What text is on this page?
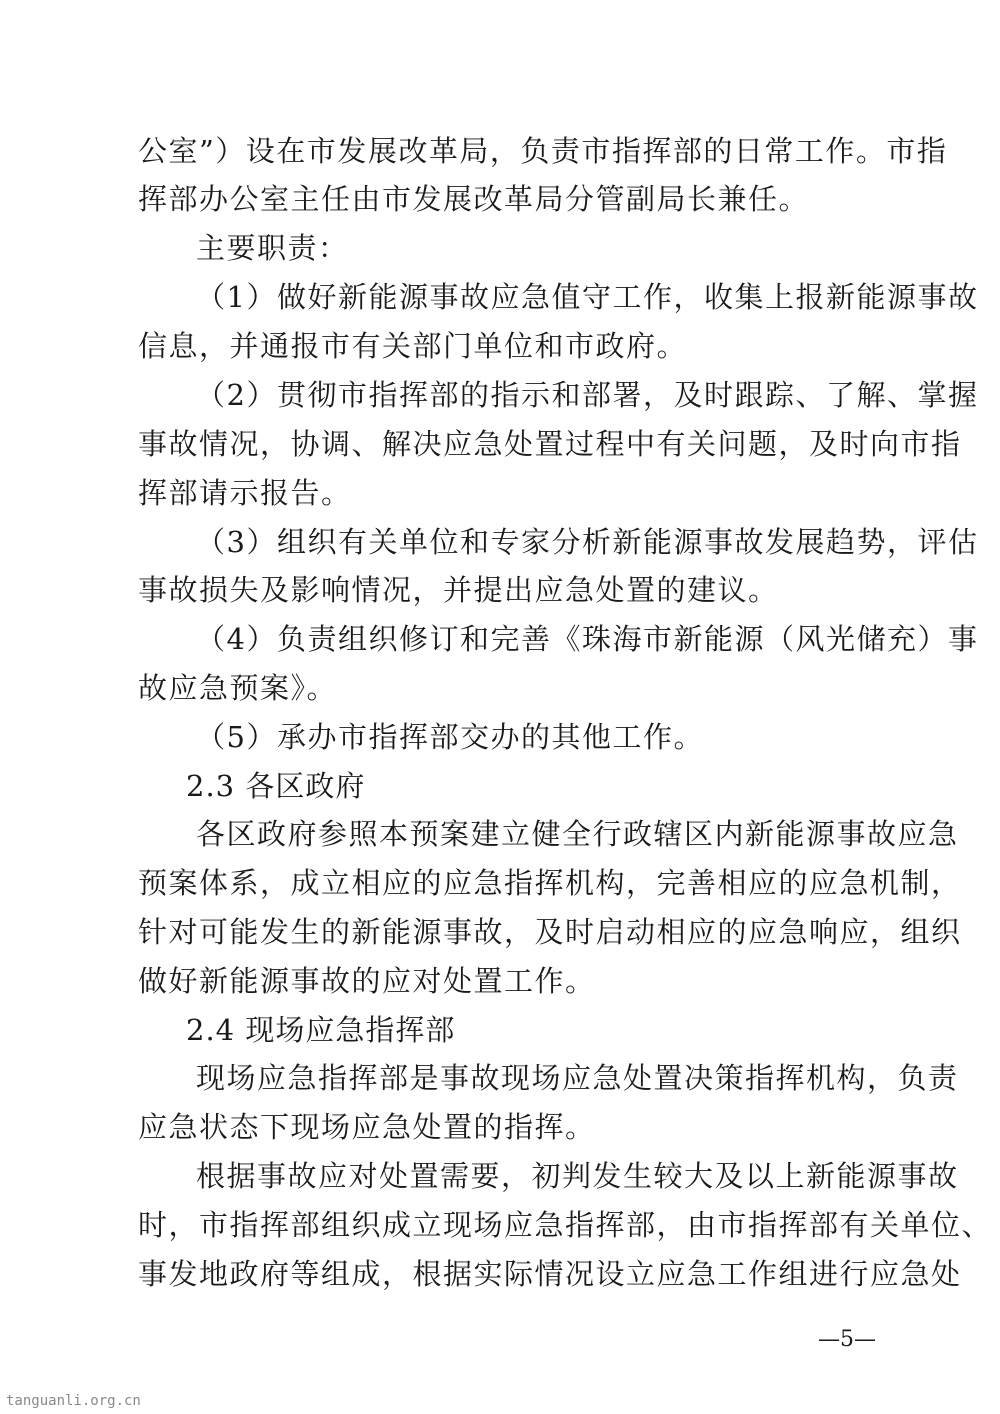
公室”）设在市发展改革局，负责市指挥部的日常工作。市指
挥部办公室主任由市发展改革局分管副局长兼任。
主要职责：
（1）做好新能源事故应急值守工作，收集上报新能源事故
信息，并通报市有关部门单位和市政府。
（2）贯彻市指挥部的指示和部署，及时跟踪、了解、掌握
事故情况，协调、解决应急处置过程中有关问题，及时向市指
挥部请示报告。
（3）组织有关单位和专家分析新能源事故发展趋势，评估
事故损失及影响情况，并提出应急处置的建议。
（4）负责组织修订和完善《珠海市新能源（风光储充）事
故应急预案》。
（5）承办市指挥部交办的其他工作。
2.3 各区政府
各区政府参照本预案建立健全行政辖区内新能源事故应急
预案体系，成立相应的应急指挥机构，完善相应的应急机制，
针对可能发生的新能源事故，及时启动相应的应急响应，组织
做好新能源事故的应对处置工作。
2.4 现场应急指挥部
现场应急指挥部是事故现场应急处置决策指挥机构，负责
应急状态下现场应急处置的指挥。
根据事故应对处置需要，初判发生较大及以上新能源事故
时，市指挥部组织成立现场应急指挥部，由市指挥部有关单位、
事发地政府等组成，根据实际情况设立应急工作组进行应急处
—5—
tanguanli.org.cn
